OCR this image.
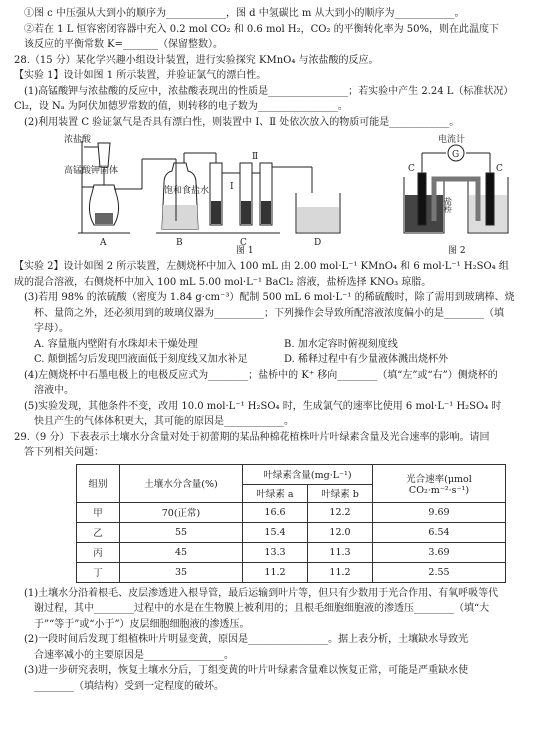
①图 c 中压强从大到小的顺序为____________，图 d 中氢碳比 m 从大到小的顺序为____________。
②若在 1 L 恒容密闭容器中充入 0.2 mol CO₂ 和 0.6 mol H₂，CO₂ 的平衡转化率为 50%，则在此温度下
该反应的平衡常数 K=_______（保留整数）。
28.（15 分）某化学兴趣小组设计装置，进行实验探究 KMnO₄ 与浓盐酸的反应。
【实验 1】设计如图 1 所示装置，并验证氯气的漂白性。
(1)高锰酸钾与浓盐酸的反应中，浓盐酸表现出的性质是________________；若实验中产生 2.24 L（标准状况）
Cl₂，设 Nₐ 为阿伏加德罗常数的值，则转移的电子数为________________。
(2)利用装置 C 验证氯气是否具有漂白性，则装置中 Ⅰ、Ⅱ 处依次放入的物质可能是____________。
浓盐酸
高锰酸钾固体
饱和食盐水
A	B	C	D
Ⅰ
Ⅱ
图 1
电流计
G
C	C
盐桥
图 2
【实验 2】设计如图 2 所示装置，左侧烧杯中加入 100 mL 由 2.00 mol·L⁻¹ KMnO₄ 和 6 mol·L⁻¹ H₂SO₄ 组
成的混合溶液，右侧烧杯中加入 100 mL 5.00 mol·L⁻¹ BaCl₂ 溶液，盐桥选择 KNO₃ 琼脂。
(3)若用 98% 的浓硫酸（密度为 1.84 g·cm⁻³）配制 500 mL 6 mol·L⁻¹ 的稀硫酸时，除了需用到玻璃棒、烧
杯、量筒之外，还必须用到的玻璃仪器为__________；下列操作会导致所配溶液浓度偏小的是________（填
字母）。
A. 容量瓶内壁附有水珠却未干燥处理	B. 加水定容时俯视刻度线
C. 颠倒摇匀后发现凹液面低于刻度线又加水补足	D. 稀释过程中有少量液体溅出烧杯外
(4)左侧烧杯中石墨电极上的电极反应式为________；盐桥中的 K⁺ 移向________（填“左”或“右”）侧烧杯的
溶液中。
(5)实验发现，其他条件不变，改用 10.0 mol·L⁻¹ H₂SO₄ 时，生成氯气的速率比使用 6 mol·L⁻¹ H₂SO₄ 时
快且产生的气体体积更大，其可能的原因是____________。
29.（9 分）下表表示土壤水分含量对处于初蕾期的某品种棉花植株叶片叶绿素含量及光合速率的影响。请回
答下列相关问题：
组别	土壤水分含量(%)	叶绿素含量(mg·L⁻¹)		光合速率(μmol CO₂·m⁻²·s⁻¹)
		叶绿素 a	叶绿素 b	
甲	70(正常)	16.6	12.2	9.69
乙	55	15.4	12.0	6.54
丙	45	13.3	11.3	3.69
丁	35	11.2	11.2	2.55
(1)土壤水分沿着根毛、皮层渗透进入根导管，最后运输到叶片等，但只有少数用于光合作用、有氧呼吸等代
谢过程，其中________过程中的水是在生物膜上被利用的；且根毛细胞细胞液的渗透压________（填“大
于”“等于”或“小于”）皮层细胞细胞液的渗透压。
(2)一段时间后发现丁组植株叶片明显变黄，原因是________________。据上表分析，土壤缺水导致光
合速率减小的主要原因是________________。
(3)进一步研究表明，恢复土壤水分后，丁组变黄的叶片叶绿素含量难以恢复正常，可能是严重缺水使
________（填结构）受到一定程度的破坏。
